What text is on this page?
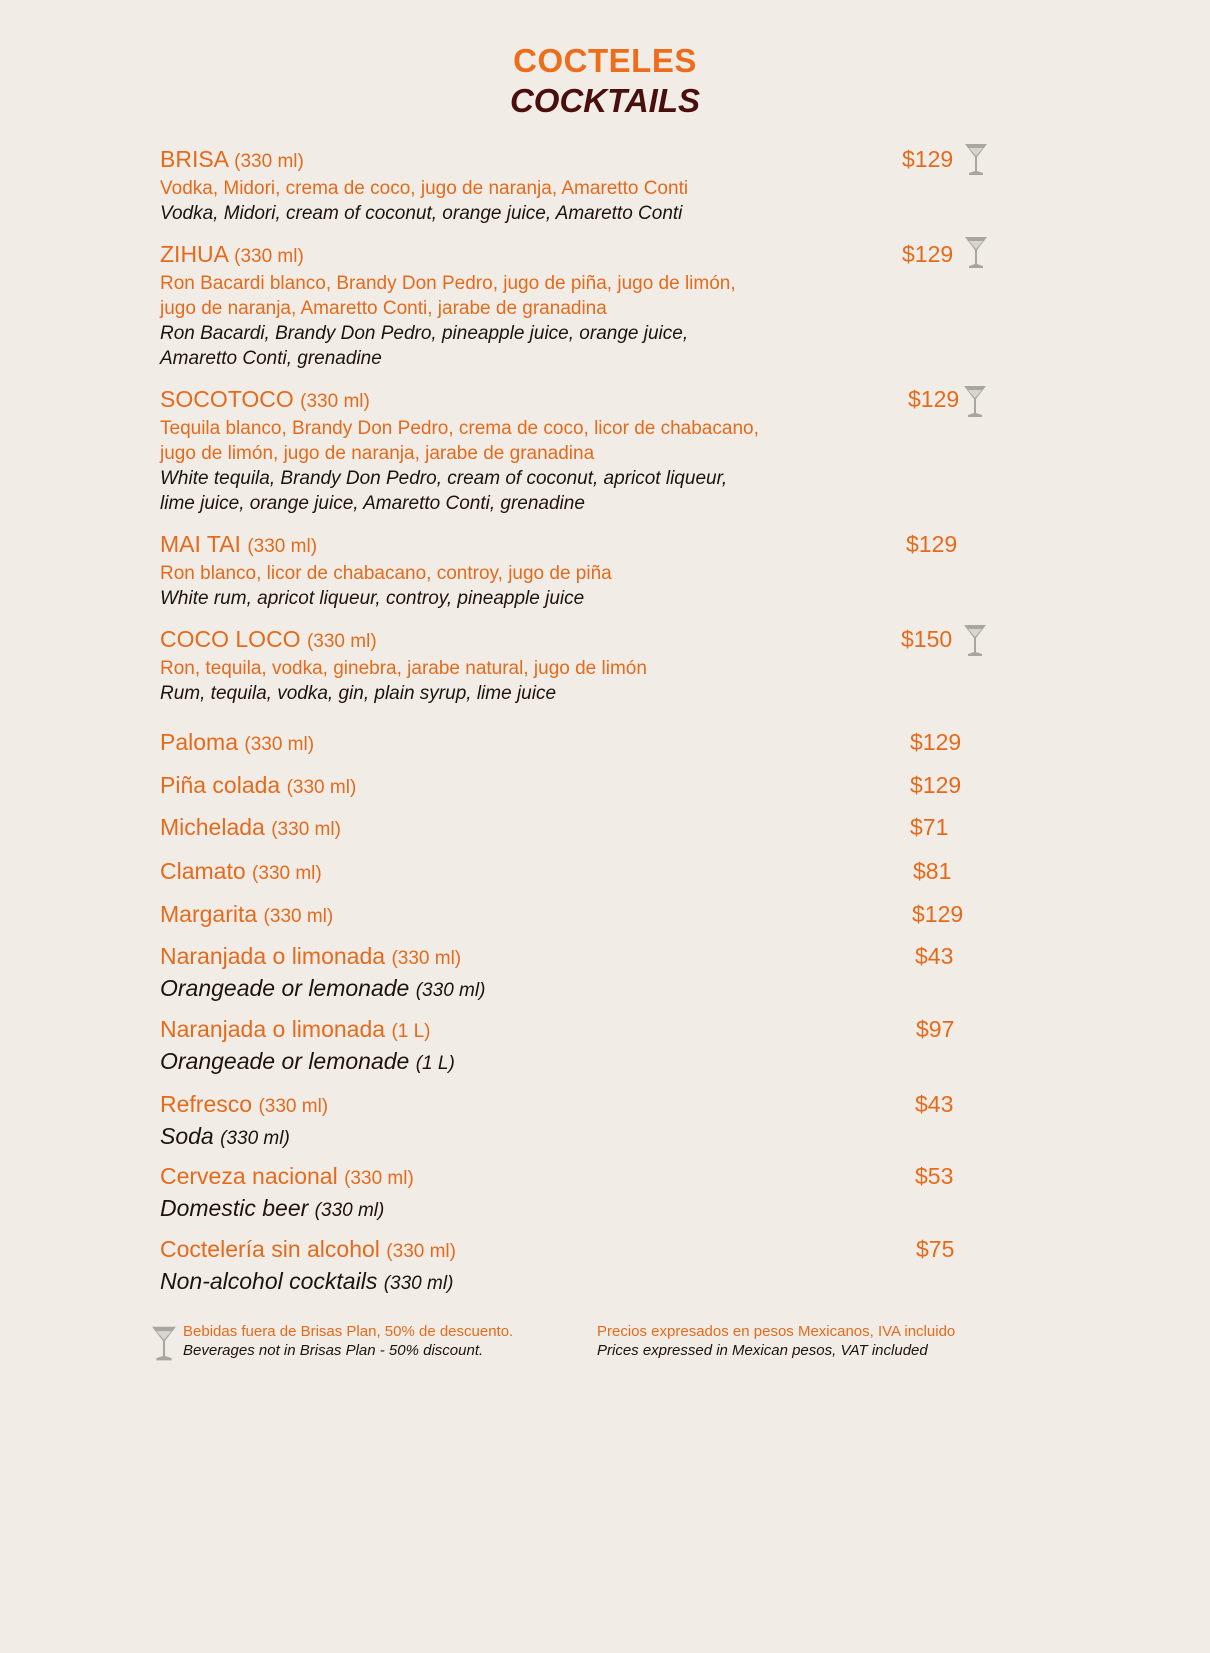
COCTELES
COCKTAILS
BRISA (330 ml)
Vodka, Midori, crema de coco, jugo de naranja, Amaretto Conti
Vodka, Midori, cream of coconut, orange juice, Amaretto Conti
$129
ZIHUA (330 ml)
Ron Bacardi blanco, Brandy Don Pedro, jugo de piña, jugo de limón,
jugo de naranja, Amaretto Conti, jarabe de granadina
Ron Bacardi, Brandy Don Pedro, pineapple juice, orange juice,
Amaretto Conti, grenadine
$129
SOCOTOCO (330 ml)
Tequila blanco, Brandy Don Pedro, crema de coco, licor de chabacano,
jugo de limón, jugo de naranja, jarabe de granadina
White tequila, Brandy Don Pedro, cream of coconut, apricot liqueur,
lime juice, orange juice, Amaretto Conti, grenadine
$129
MAI TAI (330 ml)
Ron blanco, licor de chabacano, controy, jugo de piña
White rum, apricot liqueur, controy, pineapple juice
$129
COCO LOCO (330 ml)
Ron, tequila, vodka, ginebra, jarabe natural, jugo de limón
Rum, tequila, vodka, gin, plain syrup, lime juice
$150
Paloma (330 ml)	$129
Piña colada (330 ml)	$129
Michelada (330 ml)	$71
Clamato (330 ml)	$81
Margarita (330 ml)	$129
Naranjada o limonada (330 ml)
Orangeade or lemonade (330 ml)
$43
Naranjada o limonada (1 L)
Orangeade or lemonade (1 L)
$97
Refresco (330 ml)
Soda (330 ml)
$43
Cerveza nacional (330 ml)
Domestic beer (330 ml)
$53
Coctelería sin alcohol (330 ml)
Non-alcohol cocktails (330 ml)
$75
Bebidas fuera de Brisas Plan, 50% de descuento.
Beverages not in Brisas Plan - 50% discount.
Precios expresados en pesos Mexicanos, IVA incluido
Prices expressed in Mexican pesos, VAT included
